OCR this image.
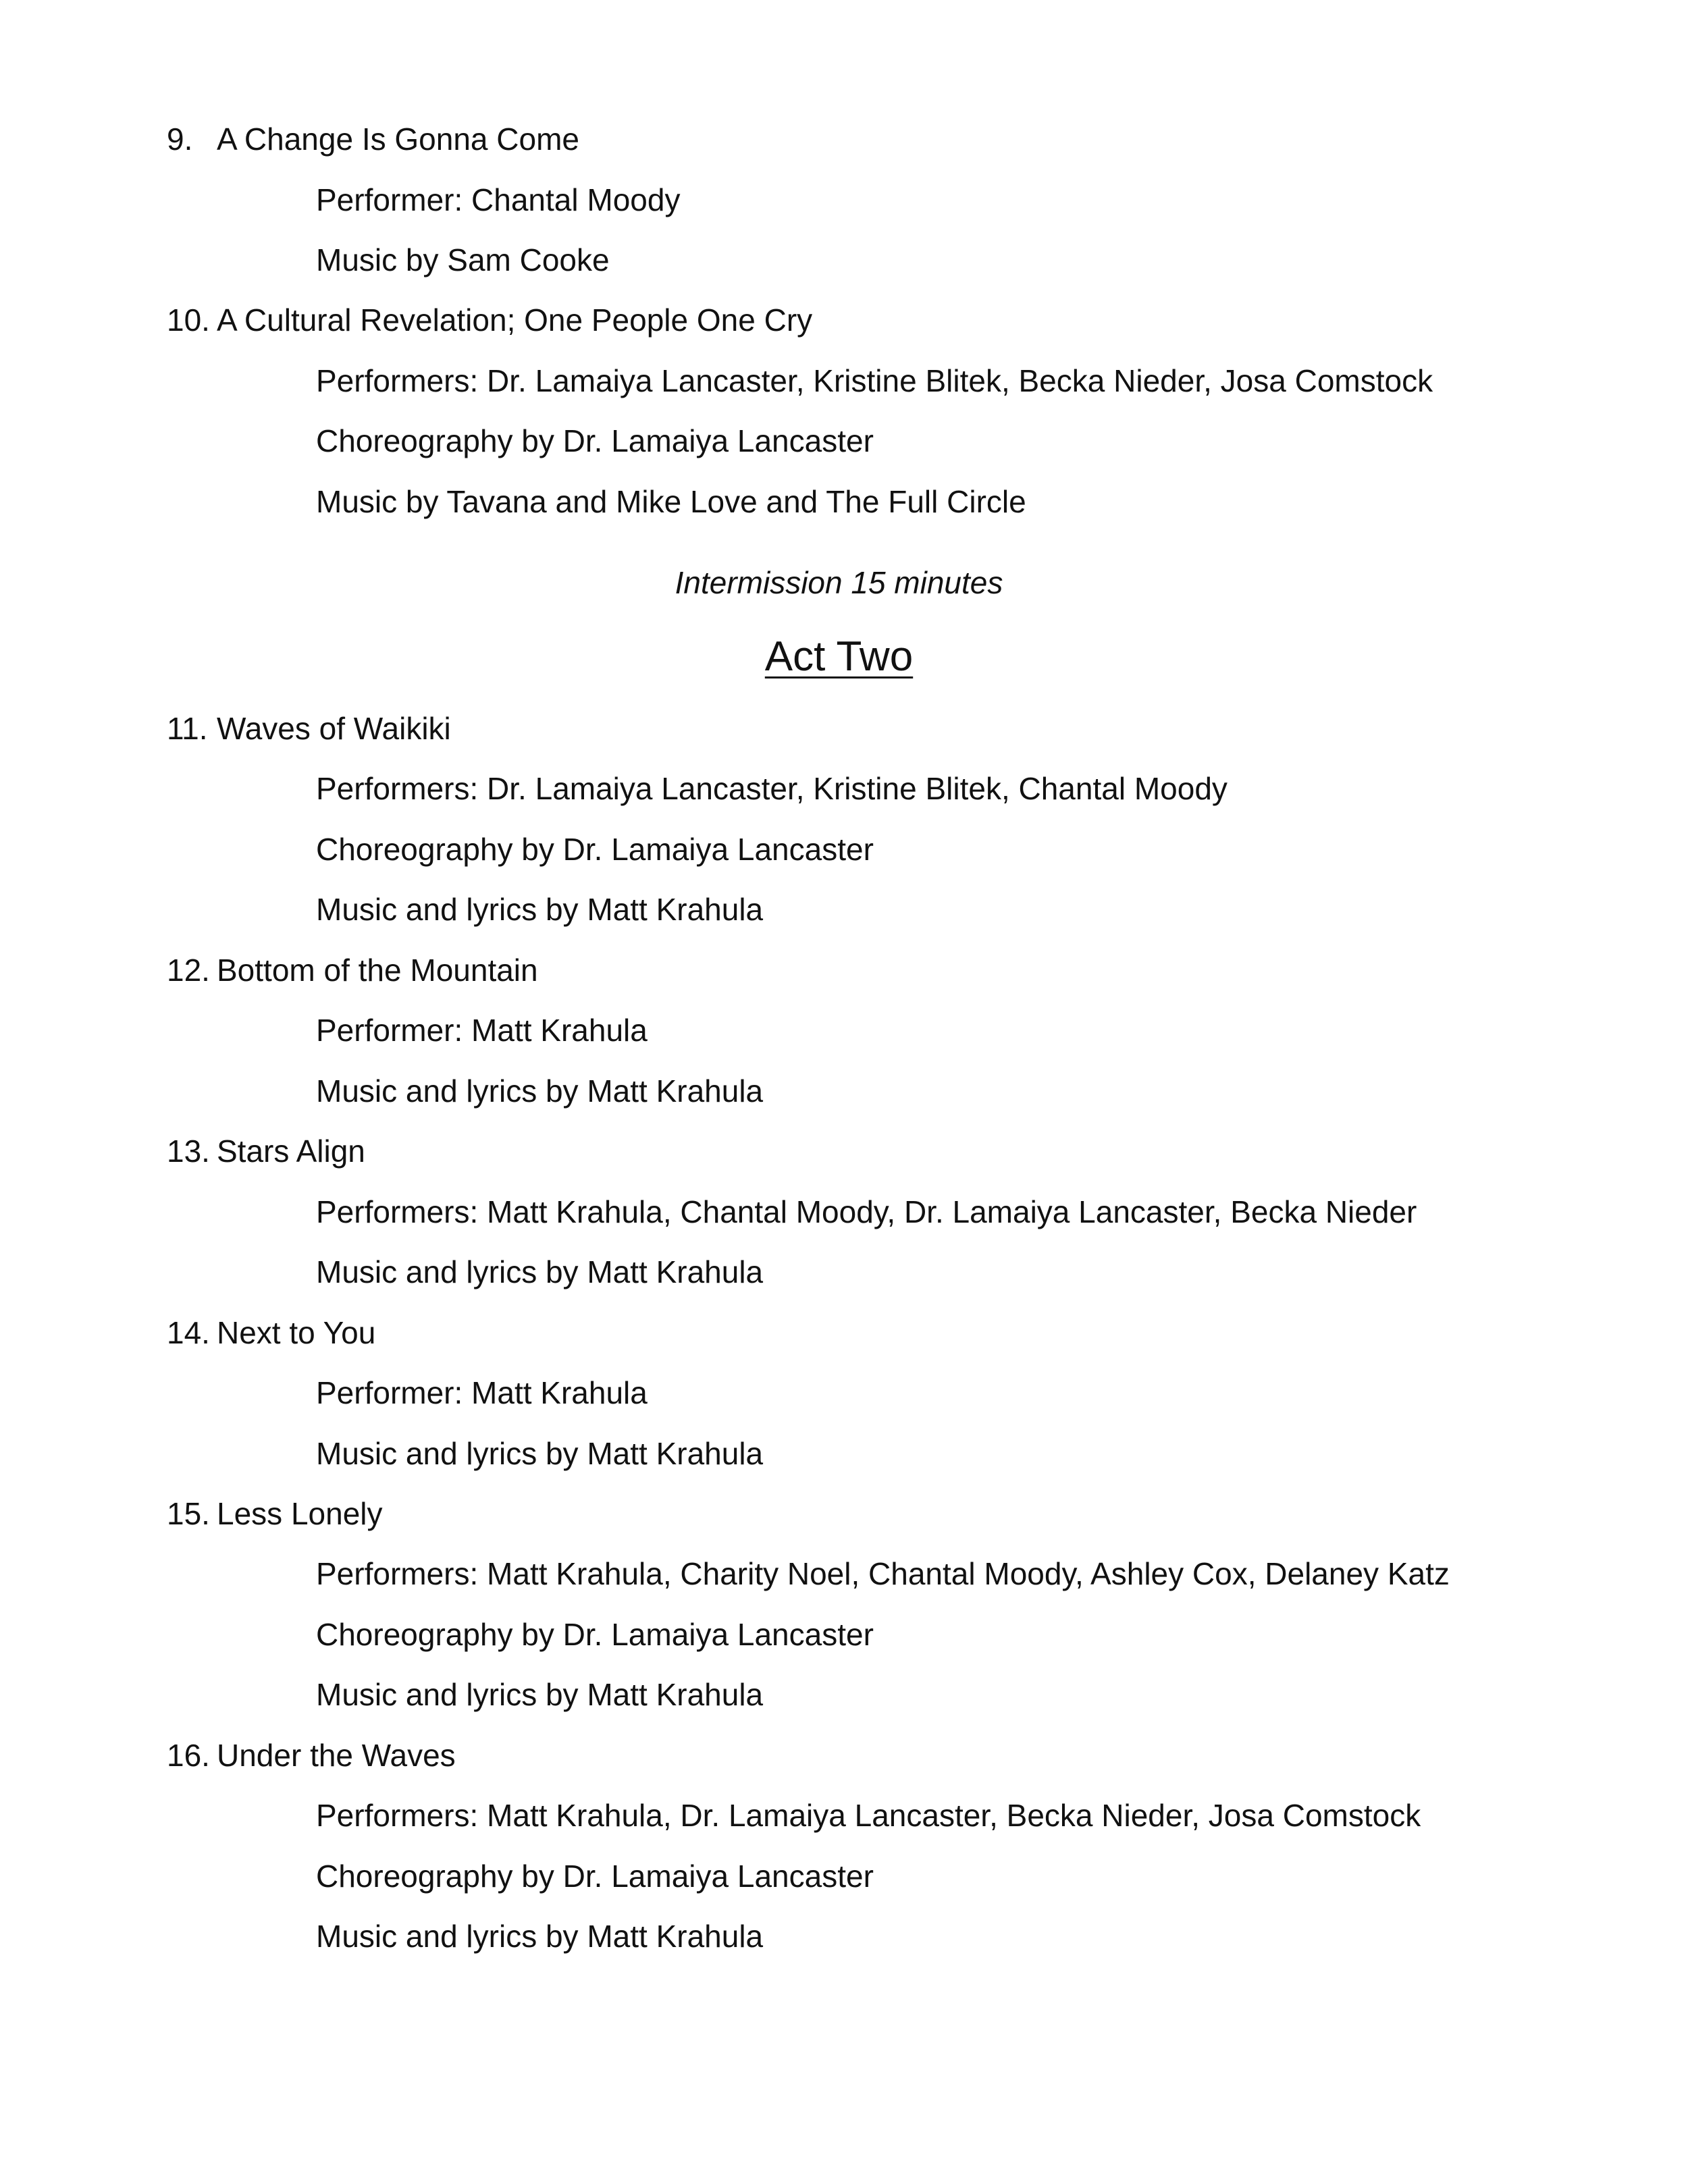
9. A Change Is Gonna Come
Performer: Chantal Moody
Music by Sam Cooke
10. A Cultural Revelation; One People One Cry
Performers: Dr. Lamaiya Lancaster, Kristine Blitek, Becka Nieder, Josa Comstock
Choreography by Dr. Lamaiya Lancaster
Music by Tavana and Mike Love and The Full Circle
Intermission 15 minutes
Act Two
11. Waves of Waikiki
Performers: Dr. Lamaiya Lancaster, Kristine Blitek, Chantal Moody
Choreography by Dr. Lamaiya Lancaster
Music and lyrics by Matt Krahula
12. Bottom of the Mountain
Performer: Matt Krahula
Music and lyrics by Matt Krahula
13. Stars Align
Performers: Matt Krahula, Chantal Moody, Dr. Lamaiya Lancaster, Becka Nieder
Music and lyrics by Matt Krahula
14. Next to You
Performer: Matt Krahula
Music and lyrics by Matt Krahula
15. Less Lonely
Performers: Matt Krahula, Charity Noel, Chantal Moody, Ashley Cox, Delaney Katz
Choreography by Dr. Lamaiya Lancaster
Music and lyrics by Matt Krahula
16. Under the Waves
Performers: Matt Krahula, Dr. Lamaiya Lancaster, Becka Nieder, Josa Comstock
Choreography by Dr. Lamaiya Lancaster
Music and lyrics by Matt Krahula
